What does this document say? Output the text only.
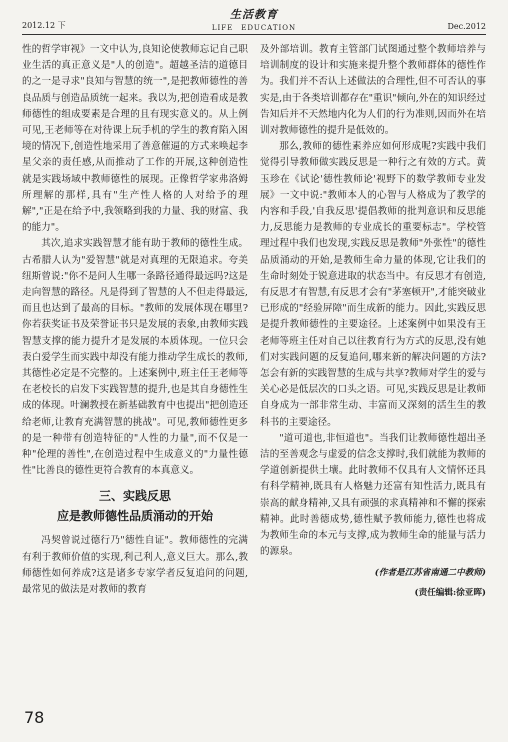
2012.12 下
生活教育
LIFE　EDUCATION	Dec.2012

性的哲学审视》一文中认为,良知论使教师忘记自己职业生活的真正意义是"人的创造"。超越圣洁的道德目的之一是寻求"良知与智慧的统一",是把教师德性的善良品质与创造品质统一起来。我以为,把创造看成是教师德性的组成要素是合理的且有现实意义的。从上例可见,王老师等在对待课上玩手机的学生的教育陷入困境的情况下,创造性地采用了善意催逼的方式来唤起李星父亲的责任感,从而推动了工作的开展,这种创造性就是实践场域中教师德性的展现。正像哲学家弗洛姆所理解的那样,具有"生产性人格的人对给予的理解","正是在给予中,我领略到我的力量、我的财富、我的能力"。

其次,追求实践智慧才能有助于教师的德性生成。古希腊人认为"爱智慧"就是对真理的无限追求。夸美纽斯曾说:"你不是问人生哪一条路径通得最远吗?这是走向智慧的路径。凡是得到了智慧的人不但走得最远,而且也达到了最高的目标。"教师的发展体现在哪里?你若获奖证书及荣誉证书只是发展的表象,由教师实践智慧支撑的能力提升才是发展的本质体现。一位只会表白爱学生而实践中却没有能力推动学生成长的教师,其德性必定是不完整的。上述案例中,班主任王老师等在老校长的启发下实践智慧的提升,也是其自身德性生成的体现。叶澜教授在新基础教育中也提出"把创造还给老师,让教育充满智慧的挑战"。可见,教师德性更多的是一种带有创造特征的"人性的力量",而不仅是一种"伦理的善性",在创造过程中生成意义的"力量性德性"比善良的德性更符合教育的本真意义。

三、实践反思
应是教师德性品质涌动的开始

冯契曾说过德行乃"德性自证"。教师德性的完满有利于教师价值的实现,利己利人,意义巨大。那么,教师德性如何养成?这是诸多专家学者反复追问的问题,最常见的做法是对教师的教育

及外部培训。教育主管部门试图通过整个教师培养与培训制度的设计和实施来提升整个教师群体的德性作为。我们并不否认上述做法的合理性,但不可否认的事实是,由于各类培训都存在"重识"倾向,外在的知识经过告知后并不天然地内化为人们的行为准则,因而外在培训对教师德性的提升是低效的。

那么,教师的德性素养应如何形成呢?实践中我们觉得引导教师做实践反思是一种行之有效的方式。黄玉珍在《试论'德性教师论'视野下的数学教师专业发展》一文中说:"教师本人的心智与人格成为了教学的内容和手段,'自我反思'提倡教师的批判意识和反思能力,反思能力是教师的专业成长的重要标志"。学校管理过程中我们也发现,实践反思是教师"外张性"的德性品质涌动的开始,是教师生命力量的体现,它让我们的生命时刻处于锐意进取的状态当中。有反思才有创造,有反思才有智慧,有反思才会有"茅塞顿开",才能突破业已形成的"经验屏障"而生成新的能力。因此,实践反思是提升教师德性的主要途径。上述案例中如果没有王老师等班主任对自己以往教育行为方式的反思,没有她们对实践问题的反复追问,哪来新的解决问题的方法?怎会有新的实践智慧的生成与共享?教师对学生的爱与关心必是低层次的口头之语。可见,实践反思是让教师自身成为一部非常生动、丰富而又深刻的活生生的教科书的主要途径。

"道可道也,非恒道也"。当我们让教师德性超出圣洁的至善观念与虚爱的信念支撑时,我们就能为教师的学道创新提供土壤。此时教师不仅具有人文情怀还具有科学精神,既具有人格魅力还富有知性活力,既具有崇高的献身精神,又具有顽强的求真精神和不懈的探索精神。此时善德成势,德性赋予教师能力,德性也将成为教师生命的本元与支撑,成为教师生命的能量与活力的源泉。

(作者是江苏省南通二中教师)
(责任编辑:徐亚晖)
78
